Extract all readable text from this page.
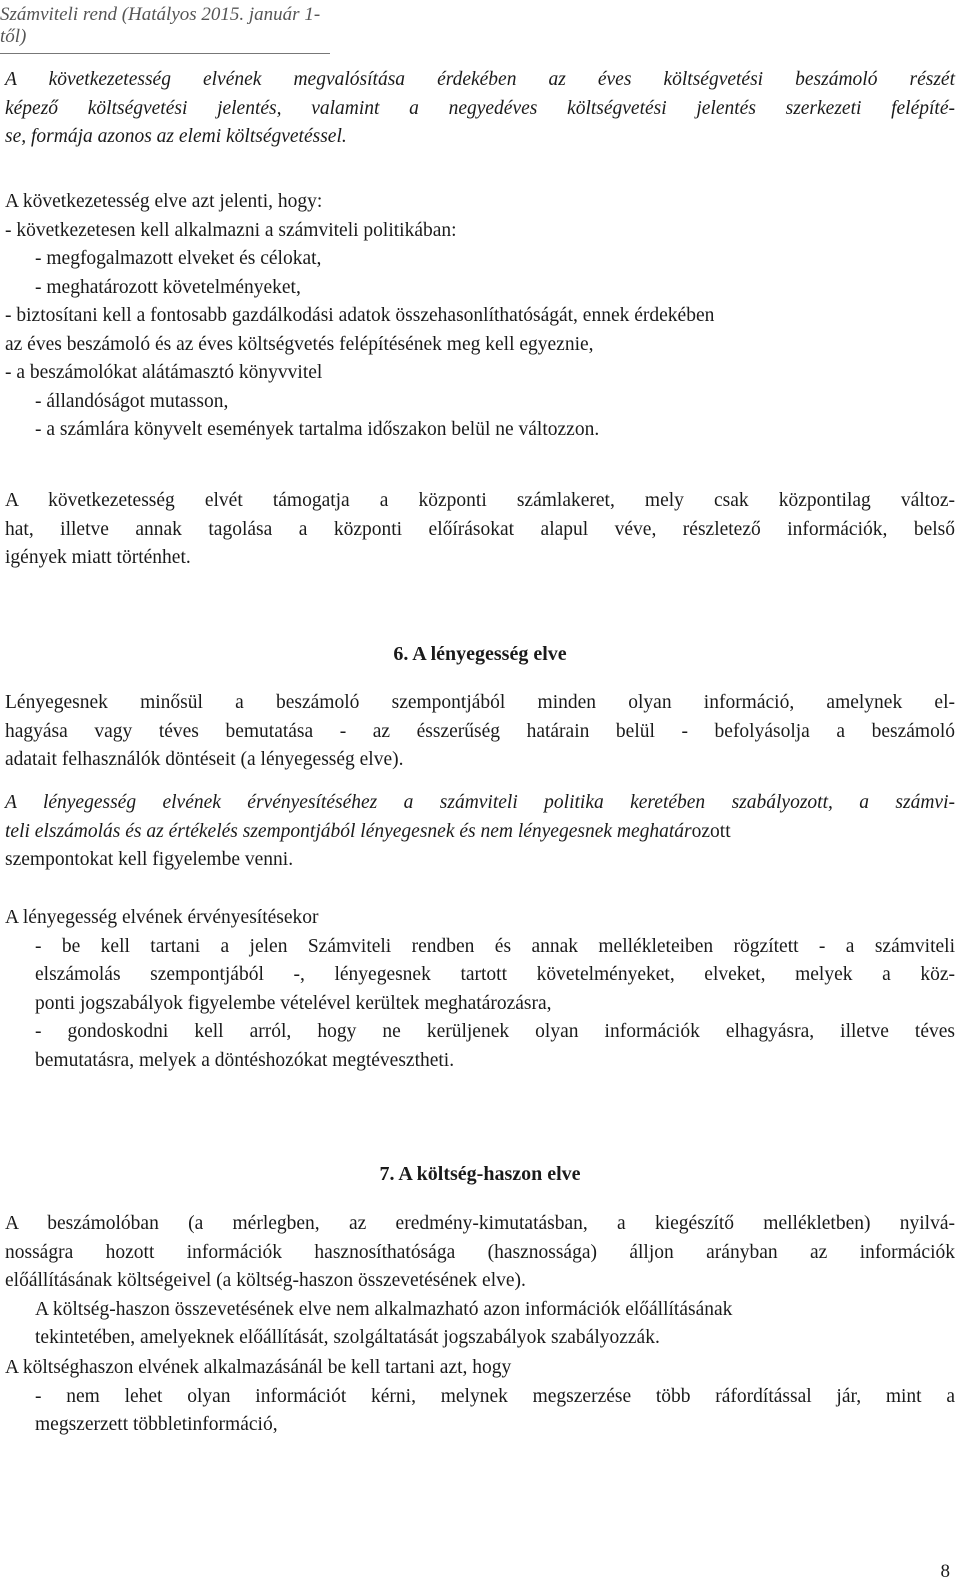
Számviteli rend (Hatályos 2015. január 1-től)

A következetesség elvének megvalósítása érdekében az éves költségvetési beszámoló részét
képező költségvetési jelentés, valamint a negyedéves költségvetési jelentés szerkezeti felépíté-
se, formája azonos az elemi költségvetéssel.

A következetesség elve azt jelenti, hogy:
- következetesen kell alkalmazni a számviteli politikában:
- megfogalmazott elveket és célokat,
- meghatározott követelményeket,
- biztosítani kell a fontosabb gazdálkodási adatok összehasonlíthatóságát, ennek érdekében
az éves beszámoló és az éves költségvetés felépítésének meg kell egyeznie,
- a beszámolókat alátámasztó könyvvitel
- állandóságot mutasson,
- a számlára könyvelt események tartalma időszakon belül ne változzon.

A következetesség elvét támogatja a központi számlakeret, mely csak központilag változ-
hat, illetve annak tagolása a központi előírásokat alapul véve, részletező információk, belső
igények miatt történhet.

6. A lényegesség elve

Lényegesnek minősül a beszámoló szempontjából minden olyan információ, amelynek el-
hagyása vagy téves bemutatása - az ésszerűség határain belül - befolyásolja a beszámoló
adatait felhasználók döntéseit (a lényegesség elve).

A lényegesség elvének érvényesítéséhez a számviteli politika keretében szabályozott, a számvi-
teli elszámolás és az értékelés szempontjából lényegesnek és nem lényegesnek meghatározott
szempontokat kell figyelembe venni.

A lényegesség elvének érvényesítésekor
- be kell tartani a jelen Számviteli rendben és annak mellékleteiben rögzített - a számviteli
elszámolás szempontjából -, lényegesnek tartott követelményeket, elveket, melyek a köz-
ponti jogszabályok figyelembe vételével kerültek meghatározásra,
- gondoskodni kell arról, hogy ne kerüljenek olyan információk elhagyásra, illetve téves
bemutatásra, melyek a döntéshozókat megtévesztheti.

7. A költség-haszon elve

A beszámolóban (a mérlegben, az eredmény-kimutatásban, a kiegészítő mellékletben) nyilvá-
nosságra hozott információk hasznosíthatósága (hasznossága) álljon arányban az információk
előállításának költségeivel (a költség-haszon összevetésének elve).
A költség-haszon összevetésének elve nem alkalmazható azon információk előállításának
tekintetében, amelyeknek előállítását, szolgáltatását jogszabályok szabályozzák.

A költséghaszon elvének alkalmazásánál be kell tartani azt, hogy
- nem lehet olyan információt kérni, melynek megszerzése több ráfordítással jár, mint a
megszerzett többletinformáció,

8
